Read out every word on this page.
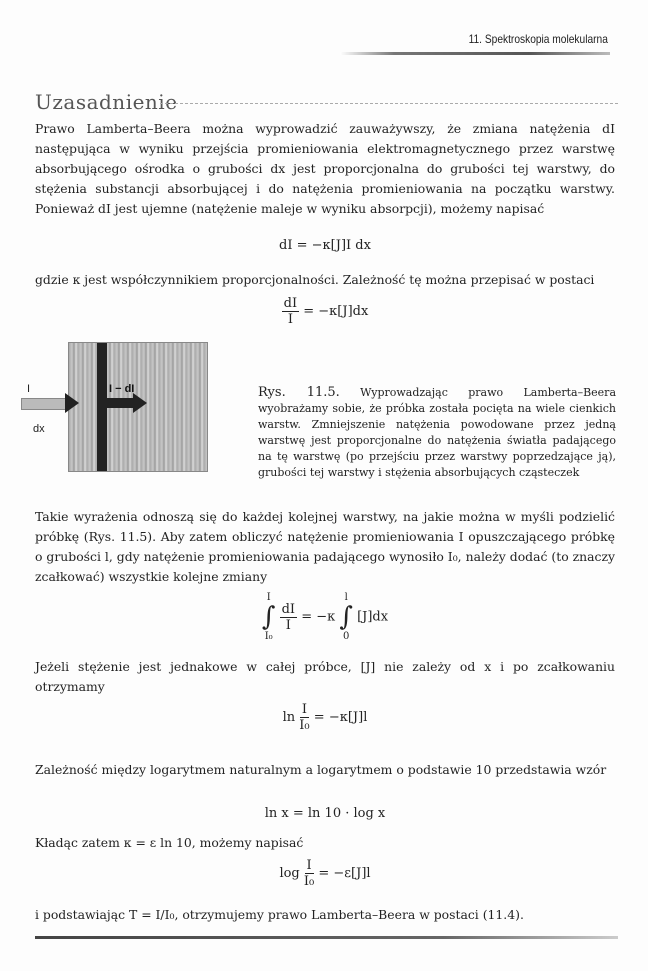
11. Spektroskopia molekularna
Uzasadnienie
Prawo Lamberta–Beera można wyprowadzić zauważywszy, że zmiana natężenia dI następująca w wyniku przejścia promieniowania elektromagnetycznego przez warstwę absorbującego ośrodka o grubości dx jest proporcjonalna do grubości tej warstwy, do stężenia substancji absorbującej i do natężenia promieniowania na początku warstwy. Ponieważ dI jest ujemne (natężenie maleje w wyniku absorpcji), możemy napisać
dI = −κ[J]I dx
gdzie κ jest współczynnikiem proporcjonalności. Zależność tę można przepisać w postaci
$\frac{dI}{I} = -\kappa[J]dx$
I	I − dI
dx
Rys. 11.5. Wyprowadzając prawo Lamberta–Beera wyobrażamy sobie, że próbka została pocięta na wiele cienkich warstw. Zmniejszenie natężenia powodowane przez jedną warstwę jest proporcjonalne do natężenia światła padającego na tę warstwę (po przejściu przez warstwy poprzedzające ją), grubości tej warstwy i stężenia absorbujących cząsteczek
Takie wyrażenia odnoszą się do każdej kolejnej warstwy, na jakie można w myśli podzielić próbkę (Rys. 11.5). Aby zatem obliczyć natężenie promieniowania I opuszczającego próbkę o grubości l, gdy natężenie promieniowania padającego wynosiło I₀, należy dodać (to znaczy zcałkować) wszystkie kolejne zmiany
I
∫
I₀

$\frac{dI}{I} = -\kappa$
l
∫
0
[J]dx
Jeżeli stężenie jest jednakowe w całej próbce, [J] nie zależy od x i po zcałkowaniu otrzymamy
$\ln \frac{I}{\text{I₀}} = -\kappa[J]l$
Zależność między logarytmem naturalnym a logarytmem o podstawie 10 przedstawia wzór
ln x = ln 10 · log x
Kładąc zatem κ = ε ln 10, możemy napisać
$\log \frac{I}{\text{I₀}} = -\varepsilon[J]l$
i podstawiając T = I/I₀, otrzymujemy prawo Lamberta–Beera w postaci (11.4).
